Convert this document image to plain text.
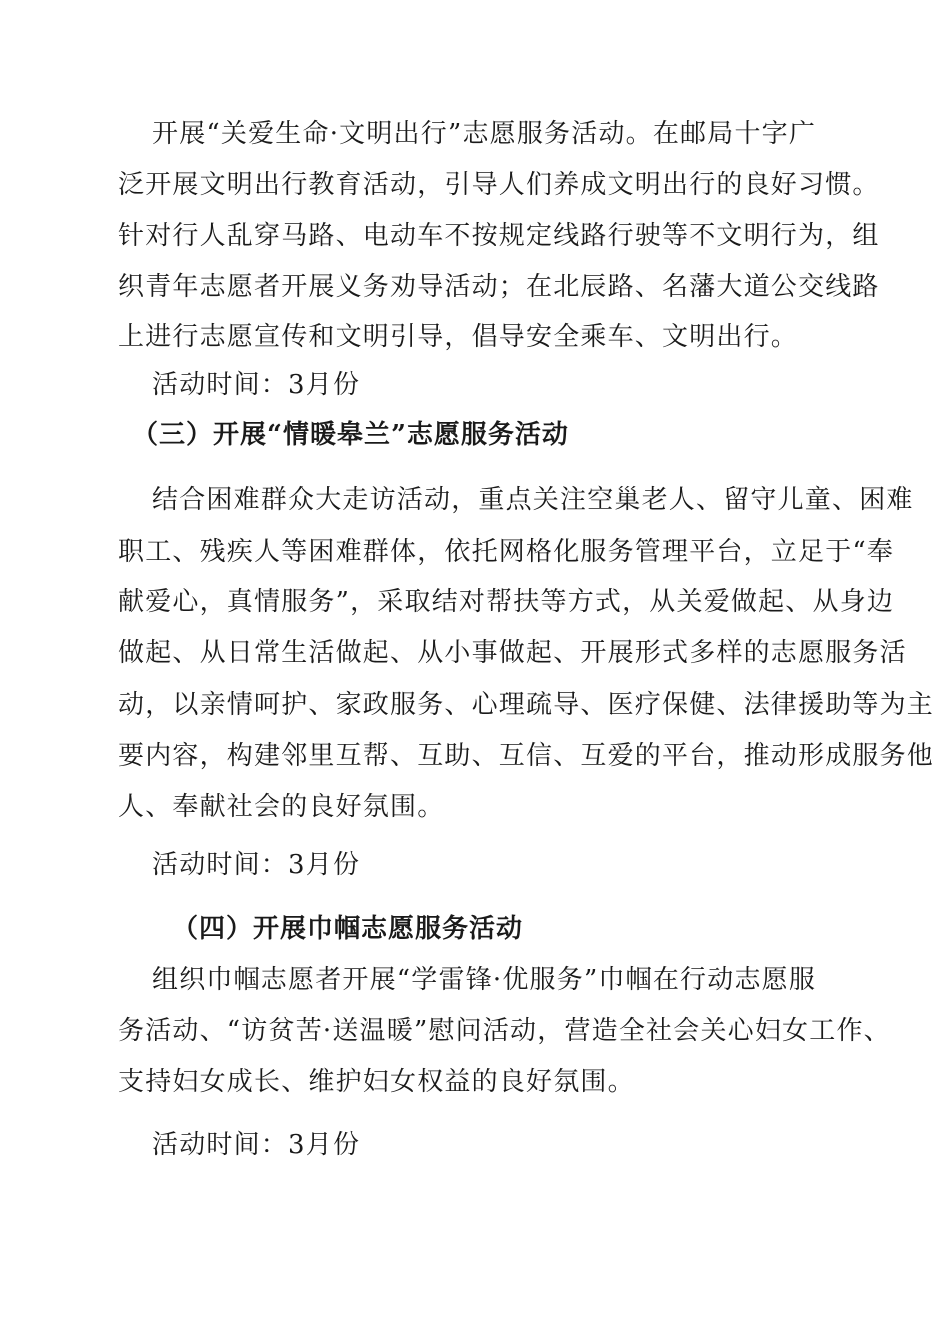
开展“关爱生命·文明出行”志愿服务活动。在邮局十字广
泛开展文明出行教育活动，引导人们养成文明出行的良好习惯。
针对行人乱穿马路、电动车不按规定线路行驶等不文明行为，组
织青年志愿者开展义务劝导活动；在北辰路、名藩大道公交线路
上进行志愿宣传和文明引导，倡导安全乘车、文明出行。
活动时间：3月份
（三）开展“情暖皋兰”志愿服务活动
结合困难群众大走访活动，重点关注空巢老人、留守儿童、困难
职工、残疾人等困难群体，依托网格化服务管理平台，立足于“奉
献爱心，真情服务”，采取结对帮扶等方式，从关爱做起、从身边
做起、从日常生活做起、从小事做起、开展形式多样的志愿服务活
动，以亲情呵护、家政服务、心理疏导、医疗保健、法律援助等为主
要内容，构建邻里互帮、互助、互信、互爱的平台，推动形成服务他
人、奉献社会的良好氛围。
活动时间：3月份
（四）开展巾帼志愿服务活动
组织巾帼志愿者开展“学雷锋·优服务”巾帼在行动志愿服
务活动、“访贫苦·送温暖”慰问活动，营造全社会关心妇女工作、
支持妇女成长、维护妇女权益的良好氛围。
活动时间：3月份
